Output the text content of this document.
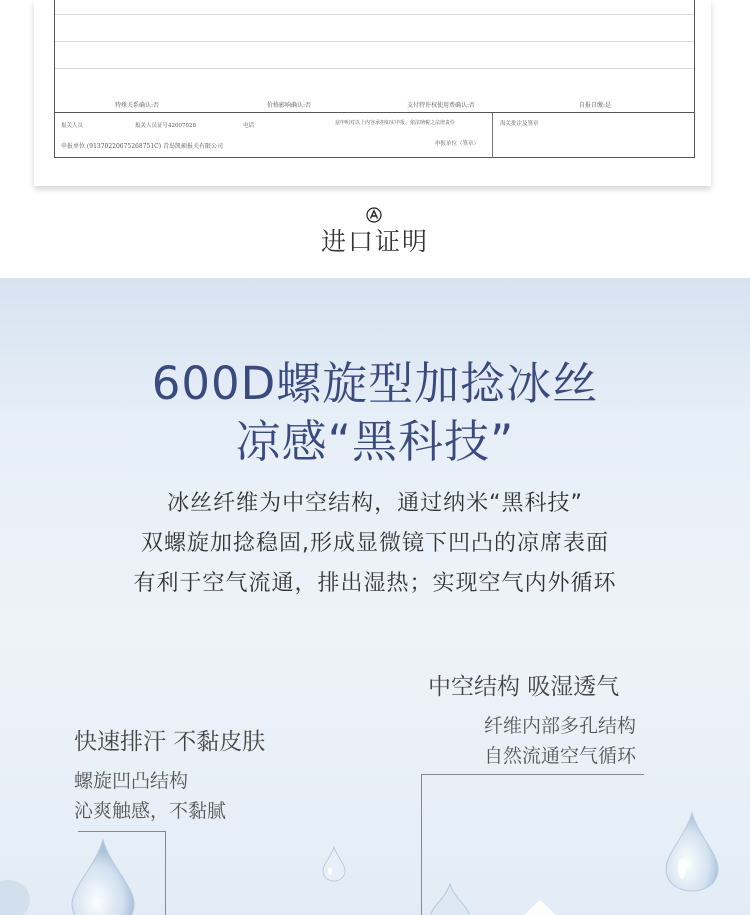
特殊关系确认:否	价格影响确认:否	支付特许权使用费确认:否	自报自缴:是
报关人员	报关人员证号42007028	电话	兹申明对以上内容承担如实申报、依法纳税之法律责任	海关批注及签章
申报单位 (91370220675268751C) 青岛凯硕报关有限公司	申报单位（签章）
进口证明
600D螺旋型加捻冰丝
凉感“黑科技”
冰丝纤维为中空结构，通过纳米“黑科技”
双螺旋加捻稳固,形成显微镜下凹凸的凉席表面
有利于空气流通，排出湿热；实现空气内外循环
中空结构 吸湿透气
纤维内部多孔结构
自然流通空气循环
快速排汗 不黏皮肤
螺旋凹凸结构
沁爽触感，不黏腻
